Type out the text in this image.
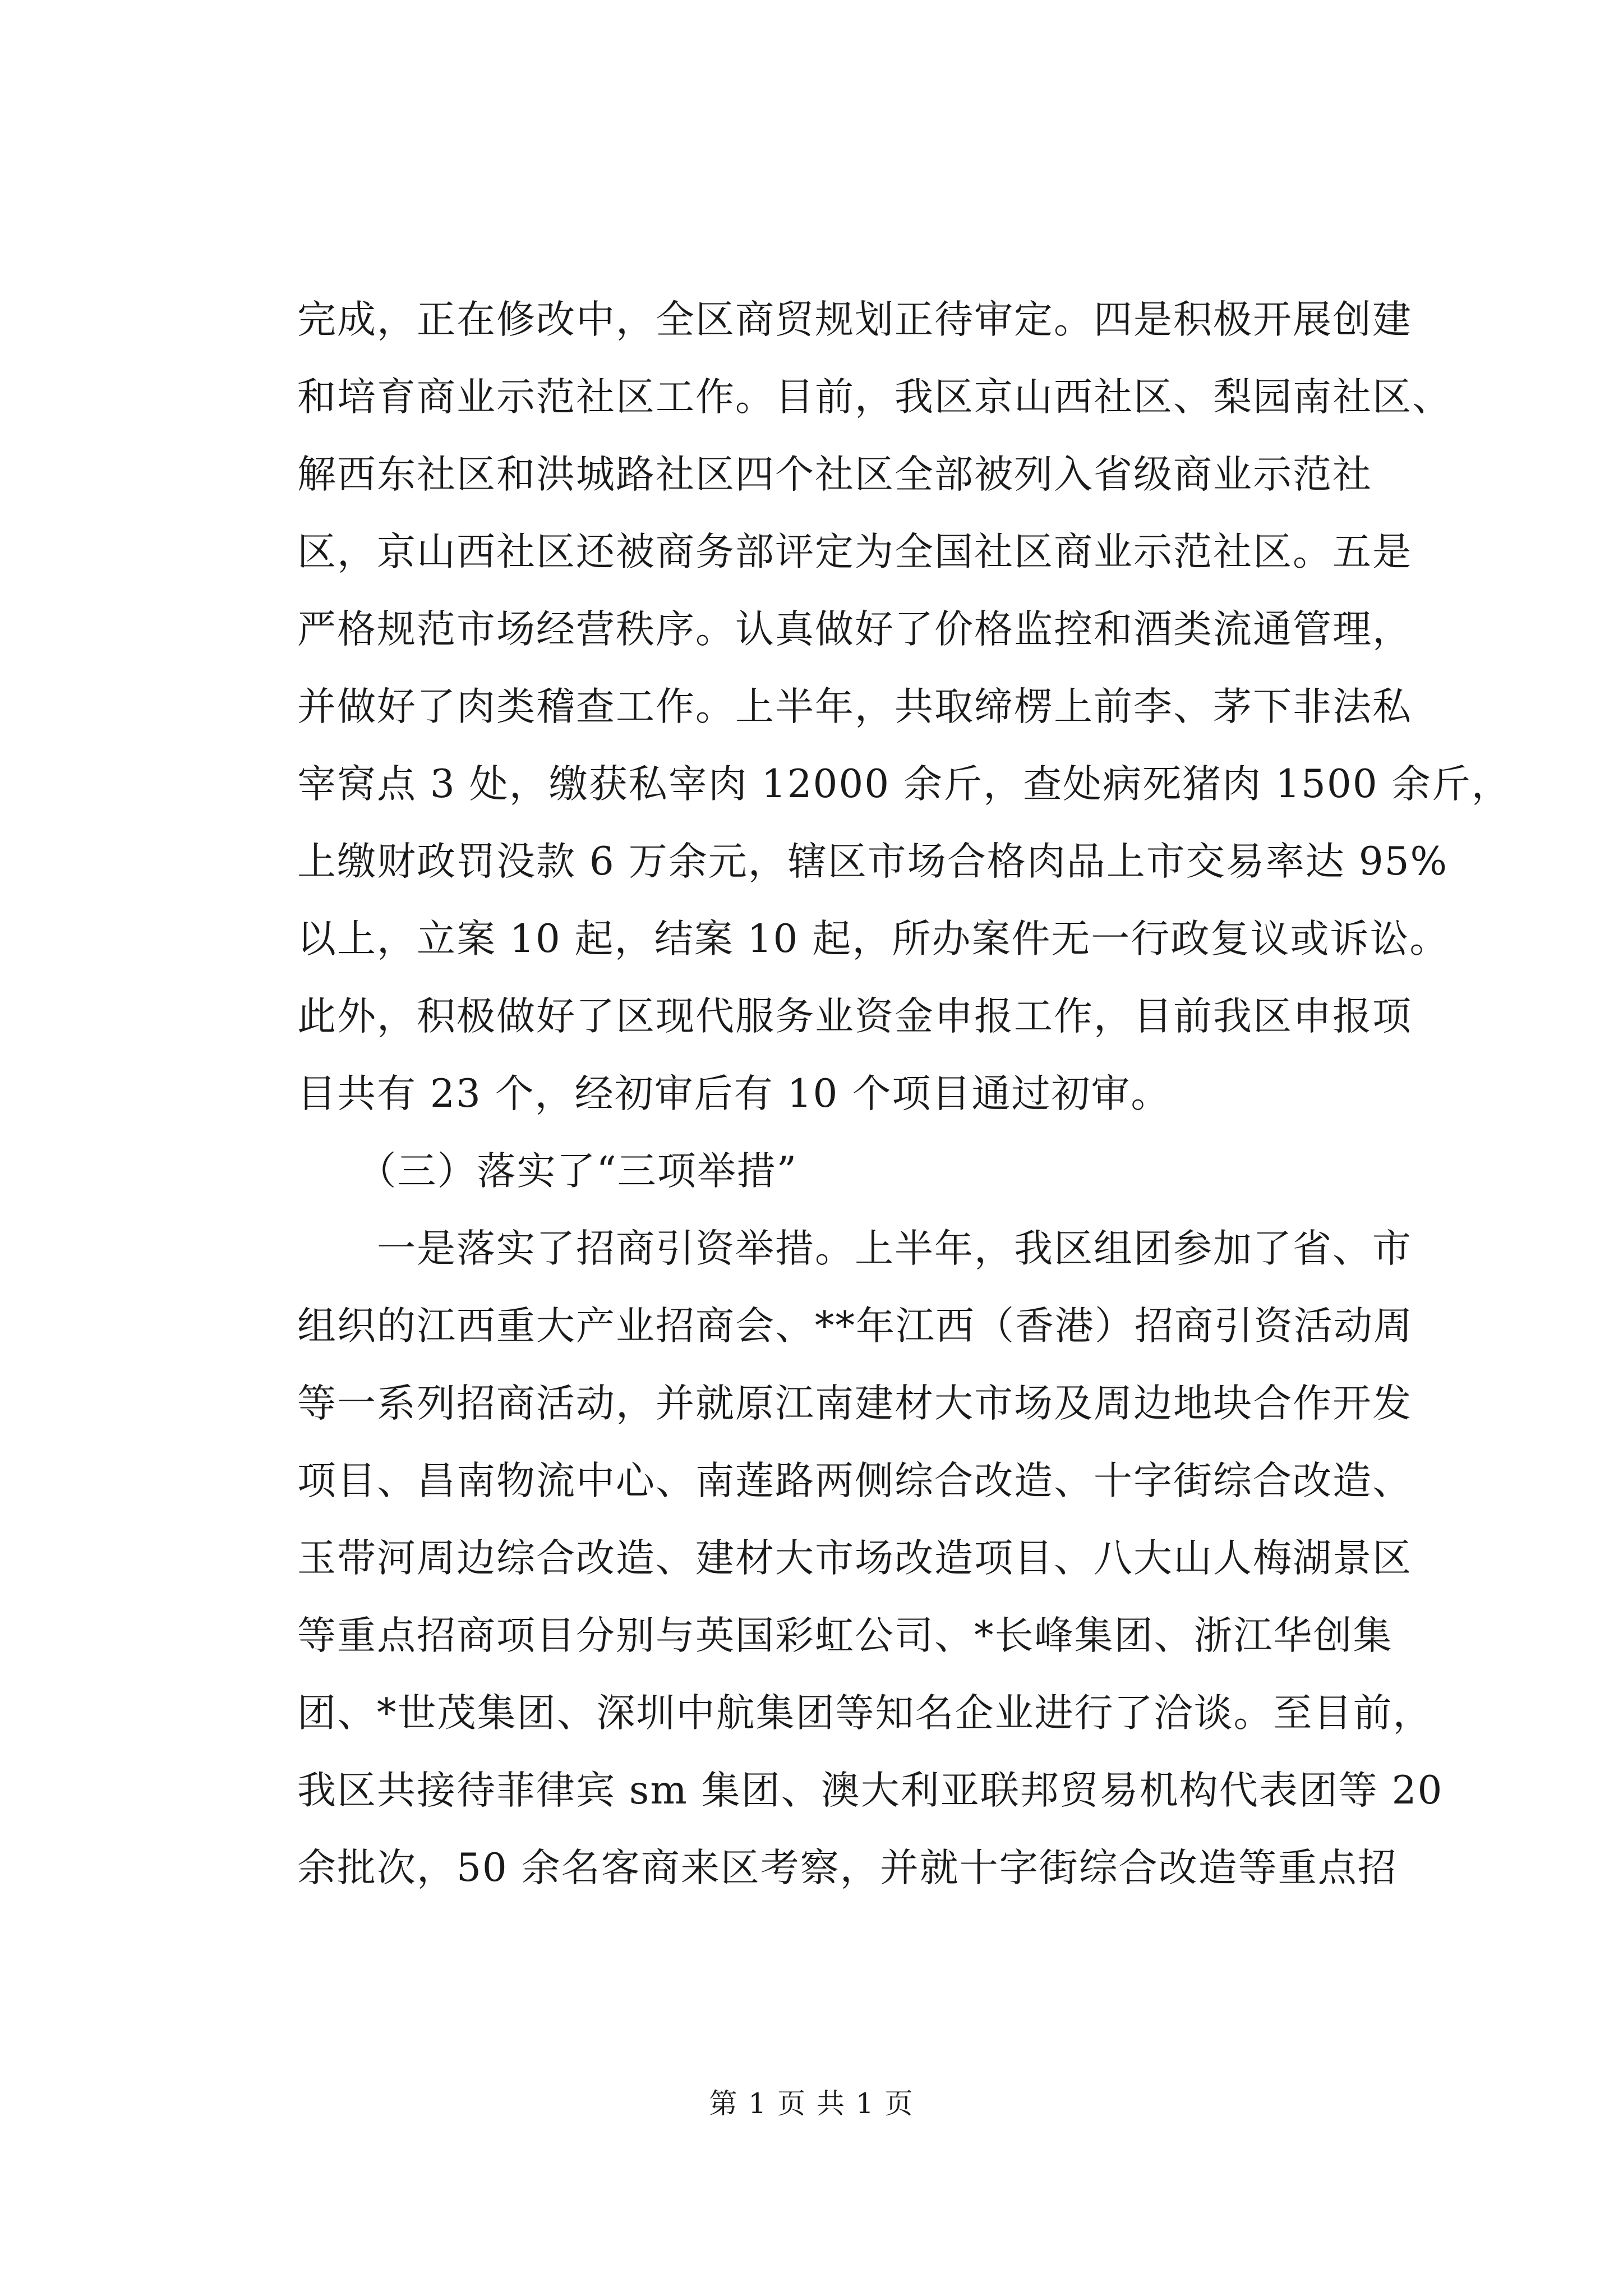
完成，正在修改中，全区商贸规划正待审定。四是积极开展创建
和培育商业示范社区工作。目前，我区京山西社区、梨园南社区、
解西东社区和洪城路社区四个社区全部被列入省级商业示范社
区，京山西社区还被商务部评定为全国社区商业示范社区。五是
严格规范市场经营秩序。认真做好了价格监控和酒类流通管理，
并做好了肉类稽查工作。上半年，共取缔楞上前李、茅下非法私
宰窝点 3 处，缴获私宰肉 12000 余斤，查处病死猪肉 1500 余斤，
上缴财政罚没款 6 万余元，辖区市场合格肉品上市交易率达 95%
以上，立案 10 起，结案 10 起，所办案件无一行政复议或诉讼。
此外，积极做好了区现代服务业资金申报工作，目前我区申报项
目共有 23 个，经初审后有 10 个项目通过初审。
　　（三）落实了“三项举措”
　　一是落实了招商引资举措。上半年，我区组团参加了省、市
组织的江西重大产业招商会、**年江西（香港）招商引资活动周
等一系列招商活动，并就原江南建材大市场及周边地块合作开发
项目、昌南物流中心、南莲路两侧综合改造、十字街综合改造、
玉带河周边综合改造、建材大市场改造项目、八大山人梅湖景区
等重点招商项目分别与英国彩虹公司、*长峰集团、浙江华创集
团、*世茂集团、深圳中航集团等知名企业进行了洽谈。至目前，
我区共接待菲律宾 sm 集团、澳大利亚联邦贸易机构代表团等 20
余批次，50 余名客商来区考察，并就十字街综合改造等重点招
第 1 页 共 1 页
